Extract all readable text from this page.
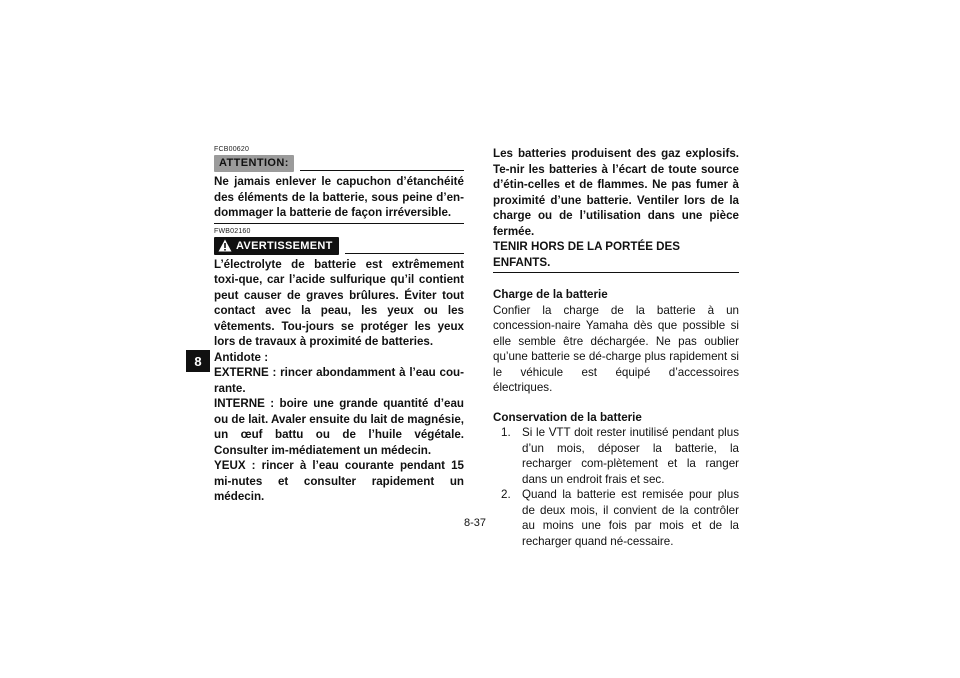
8
FCB00620
ATTENTION:

Ne jamais enlever le capuchon d’étanchéité des éléments de la batterie, sous peine d’en-dommager la batterie de façon irréversible.

FWB02160
AVERTISSEMENT

L’électrolyte de batterie est extrêmement toxi-que, car l’acide sulfurique qu’il contient peut causer de graves brûlures. Éviter tout contact avec la peau, les yeux ou les vêtements. Tou-jours se protéger les yeux lors de travaux à proximité de batteries.

Antidote :

EXTERNE : rincer abondamment à l’eau cou-rante.

INTERNE : boire une grande quantité d’eau ou de lait. Avaler ensuite du lait de magnésie, un œuf battu ou de l’huile végétale. Consulter im-médiatement un médecin.

YEUX : rincer à l’eau courante pendant 15 mi-nutes et consulter rapidement un médecin.

Les batteries produisent des gaz explosifs. Te-nir les batteries à l’écart de toute source d’étin-celles et de flammes. Ne pas fumer à proximité d’une batterie. Ventiler lors de la charge ou de l’utilisation dans une pièce fermée.

TENIR HORS DE LA PORTÉE DES ENFANTS.

Charge de la batterie

Confier la charge de la batterie à un concession-naire Yamaha dès que possible si elle semble être déchargée. Ne pas oublier qu’une batterie se dé-charge plus rapidement si le véhicule est équipé d’accessoires électriques.

Conservation de la batterie

1. Si le VTT doit rester inutilisé pendant plus d’un mois, déposer la batterie, la recharger com-plètement et la ranger dans un endroit frais et sec.
2. Quand la batterie est remisée pour plus de deux mois, il convient de la contrôler au moins une fois par mois et de la recharger quand né-cessaire.
8-37
